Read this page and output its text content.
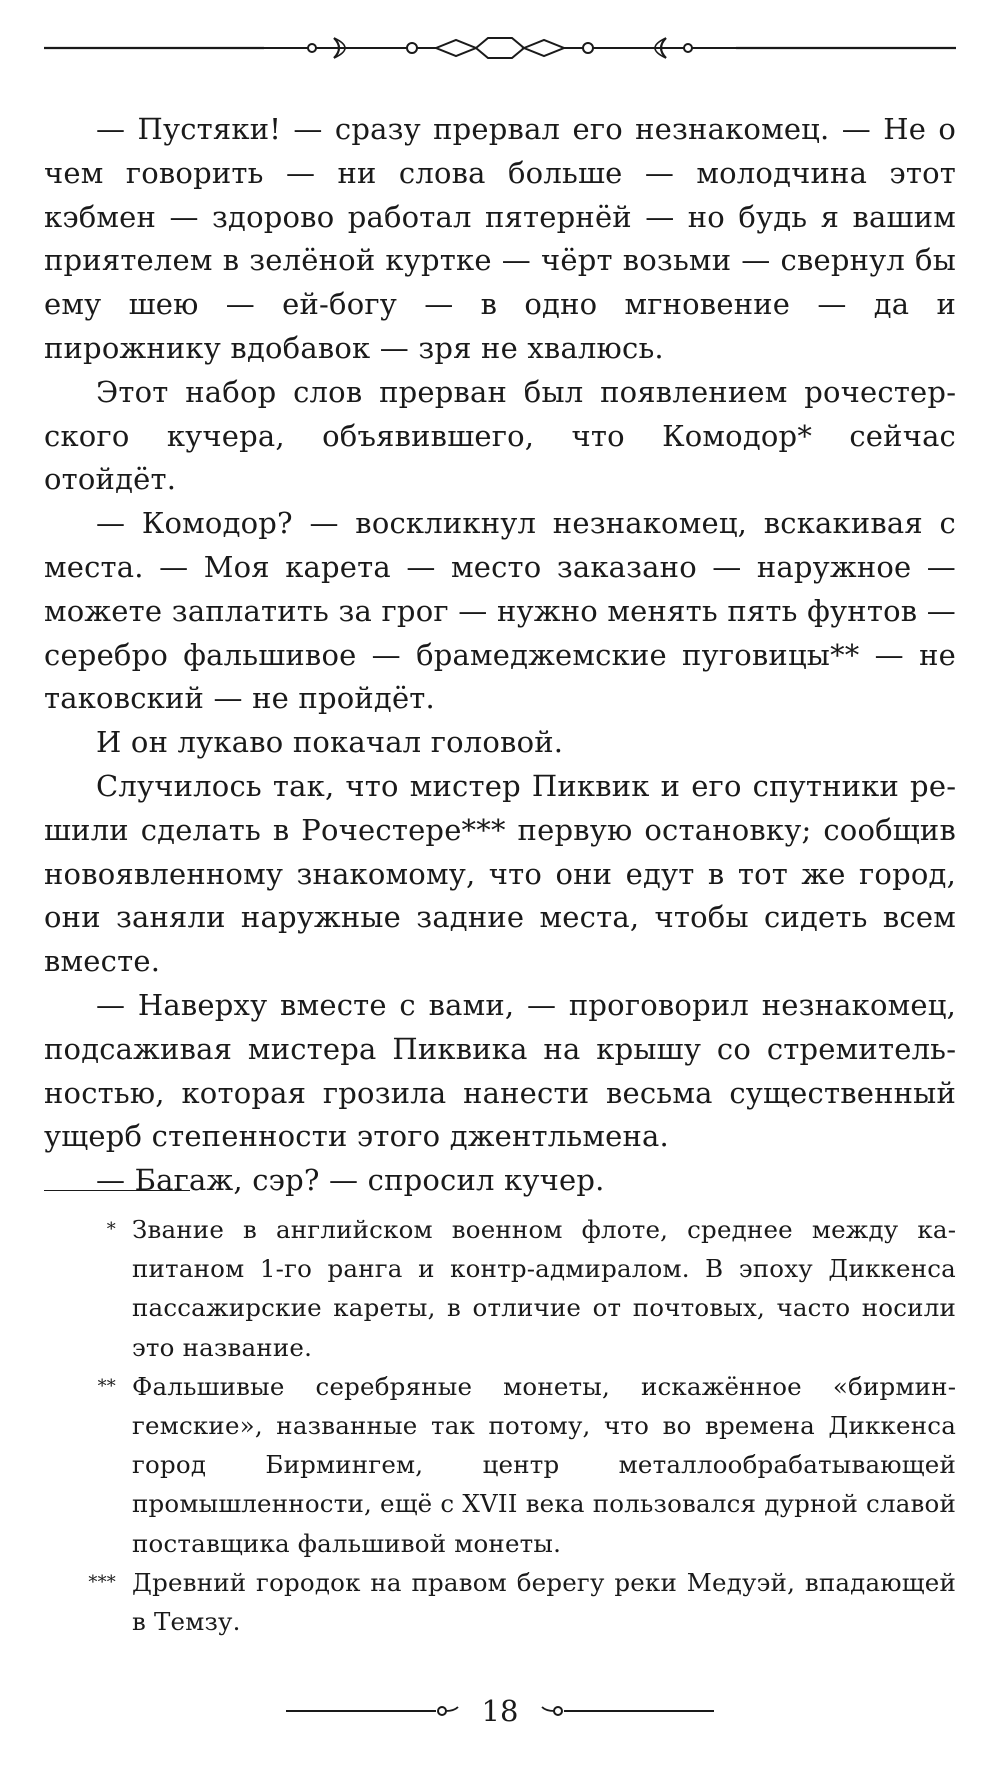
— Пустяки! — сразу прервал его незнакомец. — Не о чем говорить — ни слова больше — молодчина этот кэбмен — здорово работал пятернёй — но будь я вашим приятелем в зелёной куртке — чёрт возьми — свернул бы ему шею — ей-богу — в одно мгновение — да и пирожнику вдобавок — зря не хвалюсь.

Этот набор слов прерван был появлением рочестерского кучера, объявившего, что Комодор* сейчас отойдёт.

— Комодор? — воскликнул незнакомец, вскакивая с места. — Моя карета — место заказано — наружное — можете заплатить за грог — нужно менять пять фунтов — серебро фальшивое — брамеджемские пуговицы** — не таковский — не пройдёт.

И он лукаво покачал головой.

Случилось так, что мистер Пиквик и его спутники решили сделать в Рочестере*** первую остановку; сообщив новоявленному знакомому, что они едут в тот же город, они заняли наружные задние места, чтобы сидеть всем вместе.

— Наверху вместе с вами, — проговорил незнакомец, подсаживая мистера Пиквика на крышу со стремительностью, которая грозила нанести весьма существенный ущерб степенности этого джентльмена.

— Багаж, сэр? — спросил кучер.

* Звание в английском военном флоте, среднее между капитаном 1-го ранга и контр-адмиралом. В эпоху Диккенса пассажирские кареты, в отличие от почтовых, часто носили это название.
** Фальшивые серебряные монеты, искажённое «бирмингемские», названные так потому, что во времена Диккенса город Бирмингем, центр металлообрабатывающей промышленности, ещё с XVII века пользовался дурной славой поставщика фальшивой монеты.
*** Древний городок на правом берегу реки Медуэй, впадающей в Темзу.
18
